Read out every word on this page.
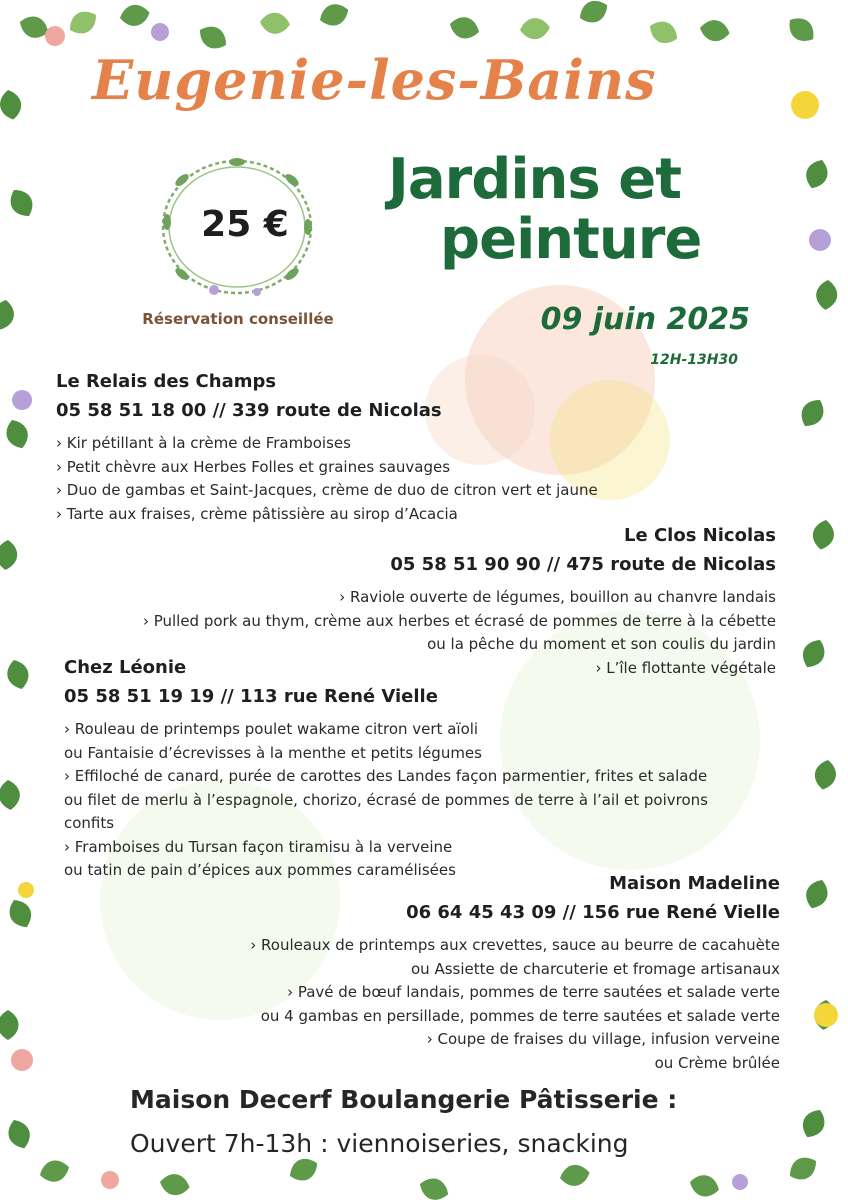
Eugenie-les-Bains
Jardins et
peinture
25 €
Réservation conseillée	09 juin 2025
12H-13H30
Le Relais des Champs
05 58 51 18 00 // 339 route de Nicolas
› Kir pétillant à la crème de Framboises
› Petit chèvre aux Herbes Folles et graines sauvages
› Duo de gambas et Saint-Jacques, crème de duo de citron vert et jaune
› Tarte aux fraises, crème pâtissière au sirop d’Acacia
Le Clos Nicolas
05 58 51 90 90 // 475 route de Nicolas
› Raviole ouverte de légumes, bouillon au chanvre landais
› Pulled pork au thym, crème aux herbes et écrasé de pommes de terre à la cébette
ou la pêche du moment et son coulis du jardin
› L’île flottante végétale
Chez Léonie
05 58 51 19 19 // 113 rue René Vielle
› Rouleau de printemps poulet wakame citron vert aïoli
ou Fantaisie d’écrevisses à la menthe et petits légumes
› Effiloché de canard, purée de carottes des Landes façon parmentier, frites et salade
ou filet de merlu à l’espagnole, chorizo, écrasé de pommes de terre à l’ail et poivrons
confits
› Framboises du Tursan façon tiramisu à la verveine
ou tatin de pain d’épices aux pommes caramélisées
Maison Madeline
06 64 45 43 09 // 156 rue René Vielle
› Rouleaux de printemps aux crevettes, sauce au beurre de cacahuète
ou Assiette de charcuterie et fromage artisanaux
› Pavé de bœuf landais, pommes de terre sautées et salade verte
ou 4 gambas en persillade, pommes de terre sautées et salade verte
› Coupe de fraises du village, infusion verveine
ou Crème brûlée
Maison Decerf Boulangerie Pâtisserie :
Ouvert 7h-13h : viennoiseries, snacking
